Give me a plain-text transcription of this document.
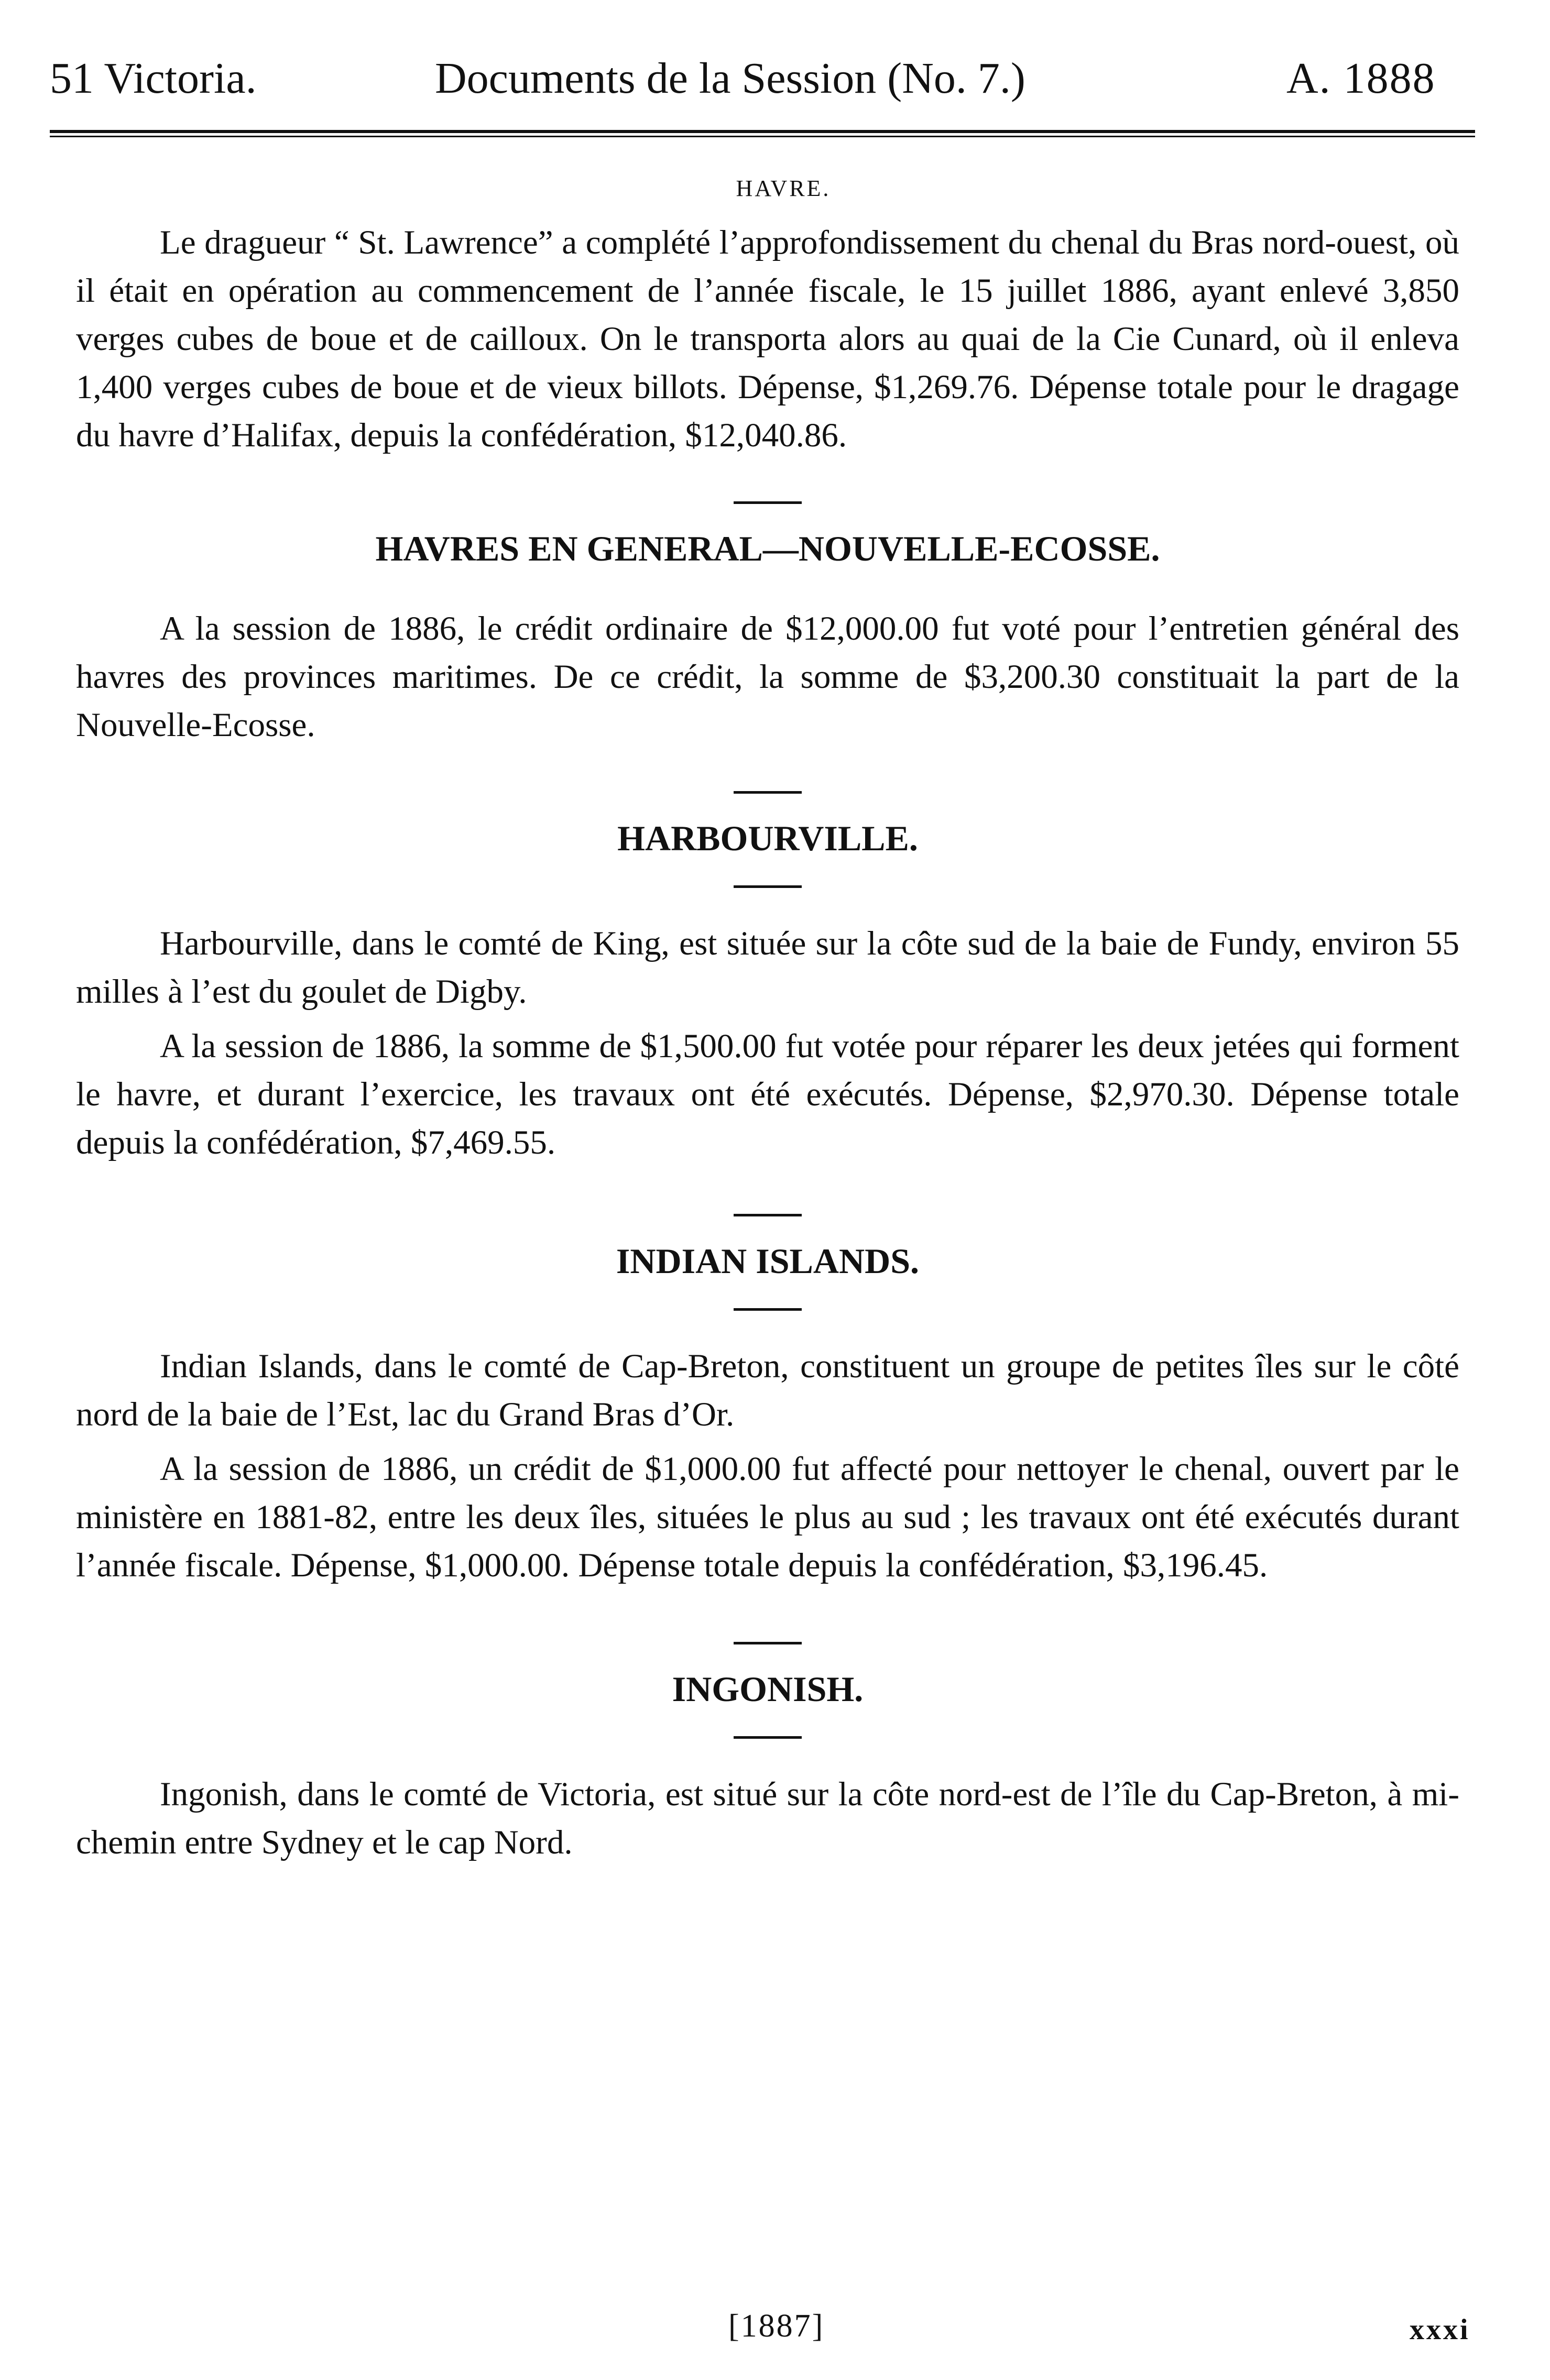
51 Victoria.	Documents de la Session (No. 7.)	A. 1888
HAVRE.

Le dragueur “ St. Lawrence” a complété l’approfondissement du chenal du Bras nord-ouest, où il était en opération au commencement de l’année fiscale, le 15 juillet 1886, ayant enlevé 3,850 verges cubes de boue et de cailloux. On le transporta alors au quai de la Cie Cunard, où il enleva 1,400 verges cubes de boue et de vieux billots. Dépense, $1,269.76. Dépense totale pour le dragage du havre d’Halifax, depuis la confédération, $12,040.86.

HAVRES EN GENERAL—NOUVELLE-ECOSSE.

A la session de 1886, le crédit ordinaire de $12,000.00 fut voté pour l’entretien général des havres des provinces maritimes. De ce crédit, la somme de $3,200.30 constituait la part de la Nouvelle-Ecosse.

HARBOURVILLE.

Harbourville, dans le comté de King, est située sur la côte sud de la baie de Fundy, environ 55 milles à l’est du goulet de Digby.

A la session de 1886, la somme de $1,500.00 fut votée pour réparer les deux jetées qui forment le havre, et durant l’exercice, les travaux ont été exécutés. Dépense, $2,970.30. Dépense totale depuis la confédération, $7,469.55.

INDIAN ISLANDS.

Indian Islands, dans le comté de Cap-Breton, constituent un groupe de petites îles sur le côté nord de la baie de l’Est, lac du Grand Bras d’Or.

A la session de 1886, un crédit de $1,000.00 fut affecté pour nettoyer le chenal, ouvert par le ministère en 1881-82, entre les deux îles, situées le plus au sud ; les travaux ont été exécutés durant l’année fiscale. Dépense, $1,000.00. Dépense totale depuis la confédération, $3,196.45.

INGONISH.

Ingonish, dans le comté de Victoria, est situé sur la côte nord-est de l’île du Cap-Breton, à mi-chemin entre Sydney et le cap Nord.

[1887]	xxxi
